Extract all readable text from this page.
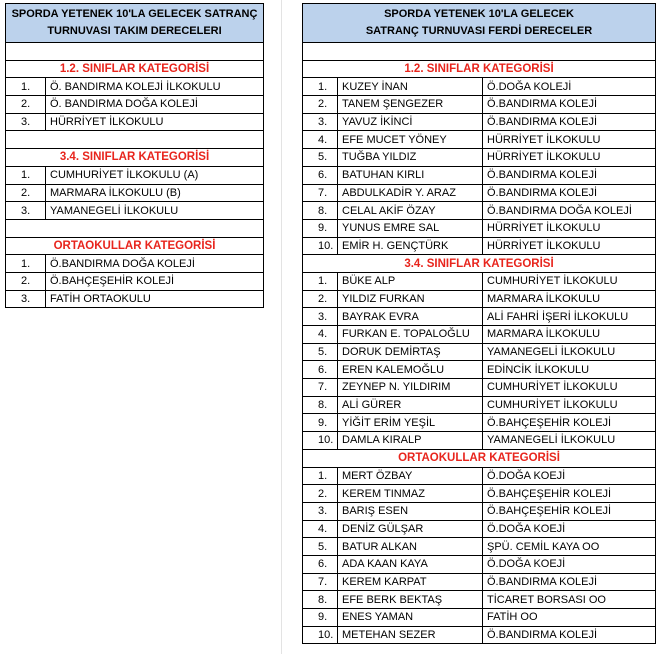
SPORDA YETENEK 10'LA GELECEK SATRANÇ
TURNUVASI TAKIM DERECELERI	

1.2. SINIFLAR KATEGORİSİ	
1.	Ö. BANDIRMA KOLEJİ İLKOKULU
2.	Ö. BANDIRMA DOĞA KOLEJİ
3.	HÜRRİYET İLKOKULU

3.4. SINIFLAR KATEGORİSİ	
1.	CUMHURİYET İLKOKULU (A)
2.	MARMARA İLKOKULU (B)
3.	YAMANEGELİ İLKOKULU

ORTAOKULLAR KATEGORİSİ	
1.	Ö.BANDIRMA DOĞA KOLEJİ
2.	Ö.BAHÇEŞEHİR KOLEJİ
3.	FATİH ORTAOKULU
SPORDA YETENEK 10'LA GELECEK
SATRANÇ TURNUVASI FERDİ DERECELER		

1.2. SINIFLAR KATEGORİSİ		
1.	KUZEY İNAN	Ö.DOĞA KOLEJİ
2.	TANEM ŞENGEZER	Ö.BANDIRMA KOLEJİ
3.	YAVUZ İKİNCİ	Ö.BANDIRMA KOLEJİ
4.	EFE MUCET YÖNEY	HÜRRİYET İLKOKULU
5.	TUĞBA YILDIZ	HÜRRİYET İLKOKULU
6.	BATUHAN KIRLI	Ö.BANDIRMA KOLEJİ
7.	ABDULKADİR Y. ARAZ	Ö.BANDIRMA KOLEJİ
8.	CELAL AKİF ÖZAY	Ö.BANDIRMA DOĞA KOLEJİ
9.	YUNUS EMRE SAL	HÜRRİYET İLKOKULU
10.	EMİR H. GENÇTÜRK	HÜRRİYET İLKOKULU
3.4. SINIFLAR KATEGORİSİ		
1.	BÜKE ALP	CUMHURİYET İLKOKULU
2.	YILDIZ FURKAN	MARMARA İLKOKULU
3.	BAYRAK EVRA	ALİ FAHRİ İŞERİ İLKOKULU
4.	FURKAN E. TOPALOĞLU	MARMARA İLKOKULU
5.	DORUK DEMİRTAŞ	YAMANEGELİ İLKOKULU
6.	EREN KALEMOĞLU	EDİNCİK İLKOKULU
7.	ZEYNEP N. YILDIRIM	CUMHURİYET İLKOKULU
8.	ALİ GÜRER	CUMHURİYET İLKOKULU
9.	YİĞİT ERİM YEŞİL	Ö.BAHÇEŞEHİR KOLEJİ
10.	DAMLA KIRALP	YAMANEGELİ İLKOKULU
ORTAOKULLAR KATEGORİSİ		
1.	MERT ÖZBAY	Ö.DOĞA KOEJİ
2.	KEREM TINMAZ	Ö.BAHÇEŞEHİR KOLEJİ
3.	BARIŞ ESEN	Ö.BAHÇEŞEHİR KOLEJİ
4.	DENİZ GÜLŞAR	Ö.DOĞA KOEJİ
5.	BATUR ALKAN	ŞPÜ. CEMİL KAYA OO
6.	ADA KAAN KAYA	Ö.DOĞA KOEJİ
7.	KEREM KARPAT	Ö.BANDIRMA KOLEJİ
8.	EFE BERK BEKTAŞ	TİCARET BORSASI OO
9.	ENES YAMAN	FATİH OO
10.	METEHAN SEZER	Ö.BANDIRMA KOLEJİ
